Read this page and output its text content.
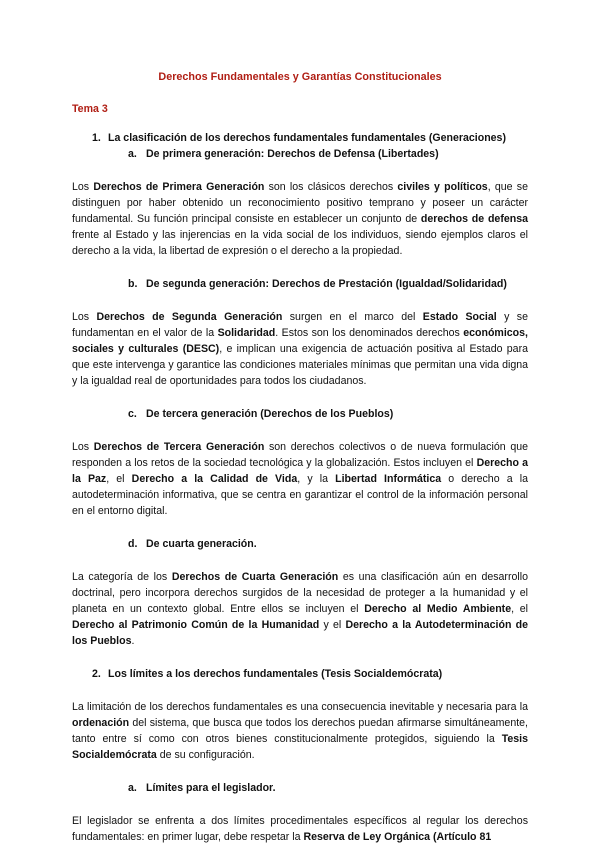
Derechos Fundamentales y Garantías Constitucionales
Tema 3
1. La clasificación de los derechos fundamentales fundamentales (Generaciones)
a. De primera generación: Derechos de Defensa (Libertades)

Los Derechos de Primera Generación son los clásicos derechos civiles y políticos, que se distinguen por haber obtenido un reconocimiento positivo temprano y poseer un carácter fundamental. Su función principal consiste en establecer un conjunto de derechos de defensa frente al Estado y las injerencias en la vida social de los individuos, siendo ejemplos claros el derecho a la vida, la libertad de expresión o el derecho a la propiedad.

b. De segunda generación: Derechos de Prestación (Igualdad/Solidaridad)

Los Derechos de Segunda Generación surgen en el marco del Estado Social y se fundamentan en el valor de la Solidaridad. Estos son los denominados derechos económicos, sociales y culturales (DESC), e implican una exigencia de actuación positiva al Estado para que este intervenga y garantice las condiciones materiales mínimas que permitan una vida digna y la igualdad real de oportunidades para todos los ciudadanos.

c. De tercera generación (Derechos de los Pueblos)

Los Derechos de Tercera Generación son derechos colectivos o de nueva formulación que responden a los retos de la sociedad tecnológica y la globalización. Estos incluyen el Derecho a la Paz, el Derecho a la Calidad de Vida, y la Libertad Informática o derecho a la autodeterminación informativa, que se centra en garantizar el control de la información personal en el entorno digital.

d. De cuarta generación.

La categoría de los Derechos de Cuarta Generación es una clasificación aún en desarrollo doctrinal, pero incorpora derechos surgidos de la necesidad de proteger a la humanidad y el planeta en un contexto global. Entre ellos se incluyen el Derecho al Medio Ambiente, el Derecho al Patrimonio Común de la Humanidad y el Derecho a la Autodeterminación de los Pueblos.

2. Los límites a los derechos fundamentales (Tesis Socialdemócrata)

La limitación de los derechos fundamentales es una consecuencia inevitable y necesaria para la ordenación del sistema, que busca que todos los derechos puedan afirmarse simultáneamente, tanto entre sí como con otros bienes constitucionalmente protegidos, siguiendo la Tesis Socialdemócrata de su configuración.

a. Límites para el legislador.

El legislador se enfrenta a dos límites procedimentales específicos al regular los derechos fundamentales: en primer lugar, debe respetar la Reserva de Ley Orgánica (Artículo 81
